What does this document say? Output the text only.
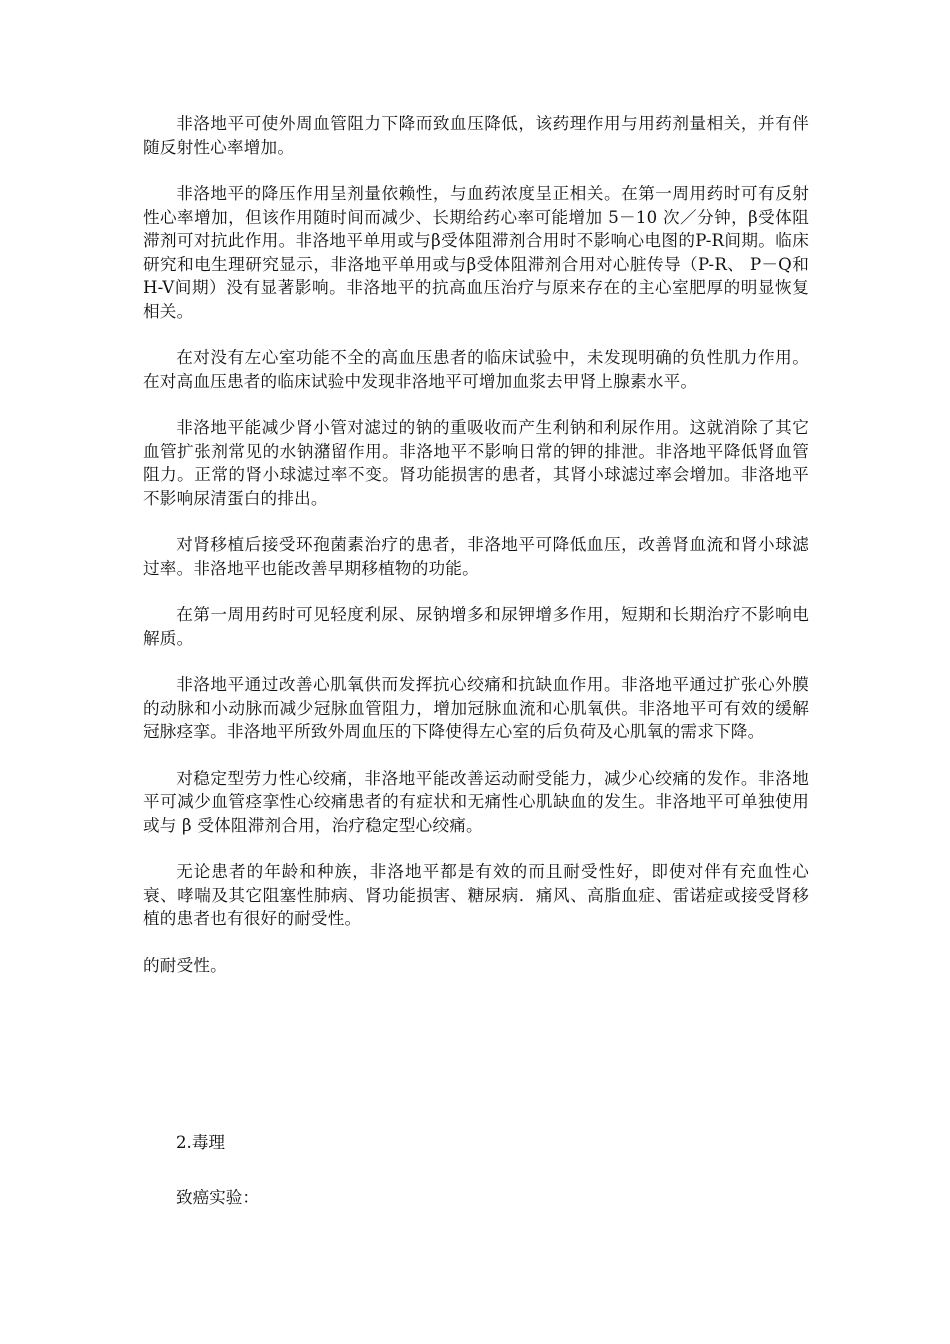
非洛地平可使外周血管阻力下降而致血压降低，该药理作用与用药剂量相关，并有伴随反射性心率增加。

非洛地平的降压作用呈剂量依赖性，与血药浓度呈正相关。在第一周用药时可有反射性心率增加，但该作用随时间而减少、长期给药心率可能增加 5－10 次／分钟，β受体阻滞剂可对抗此作用。非洛地平单用或与β受体阻滞剂合用时不影响心电图的P-R间期。临床研究和电生理研究显示，非洛地平单用或与β受体阻滞剂合用对心脏传导（P-R、 P－Q和H-V间期）没有显著影响。非洛地平的抗高血压治疗与原来存在的主心室肥厚的明显恢复相关。

在对没有左心室功能不全的高血压患者的临床试验中，未发现明确的负性肌力作用。在对高血压患者的临床试验中发现非洛地平可增加血浆去甲肾上腺素水平。

非洛地平能减少肾小管对滤过的钠的重吸收而产生利钠和利尿作用。这就消除了其它血管扩张剂常见的水钠潴留作用。非洛地平不影响日常的钾的排泄。非洛地平降低肾血管阻力。正常的肾小球滤过率不变。肾功能损害的患者，其肾小球滤过率会增加。非洛地平不影响尿清蛋白的排出。

对肾移植后接受环孢菌素治疗的患者，非洛地平可降低血压，改善肾血流和肾小球滤过率。非洛地平也能改善早期移植物的功能。

在第一周用药时可见轻度利尿、尿钠增多和尿钾增多作用，短期和长期治疗不影响电解质。

非洛地平通过改善心肌氧供而发挥抗心绞痛和抗缺血作用。非洛地平通过扩张心外膜的动脉和小动脉而减少冠脉血管阻力，增加冠脉血流和心肌氧供。非洛地平可有效的缓解冠脉痉挛。非洛地平所致外周血压的下降使得左心室的后负荷及心肌氧的需求下降。

对稳定型劳力性心绞痛，非洛地平能改善运动耐受能力，减少心绞痛的发作。非洛地平可减少血管痉挛性心绞痛患者的有症状和无痛性心肌缺血的发生。非洛地平可单独使用或与 β 受体阻滞剂合用，治疗稳定型心绞痛。

无论患者的年龄和种族，非洛地平都是有效的而且耐受性好，即使对伴有充血性心衰、哮喘及其它阻塞性肺病、肾功能损害、糖尿病．痛风、高脂血症、雷诺症或接受肾移植的患者也有很好的耐受性。

的耐受性。

2.毒理

致癌实验：
